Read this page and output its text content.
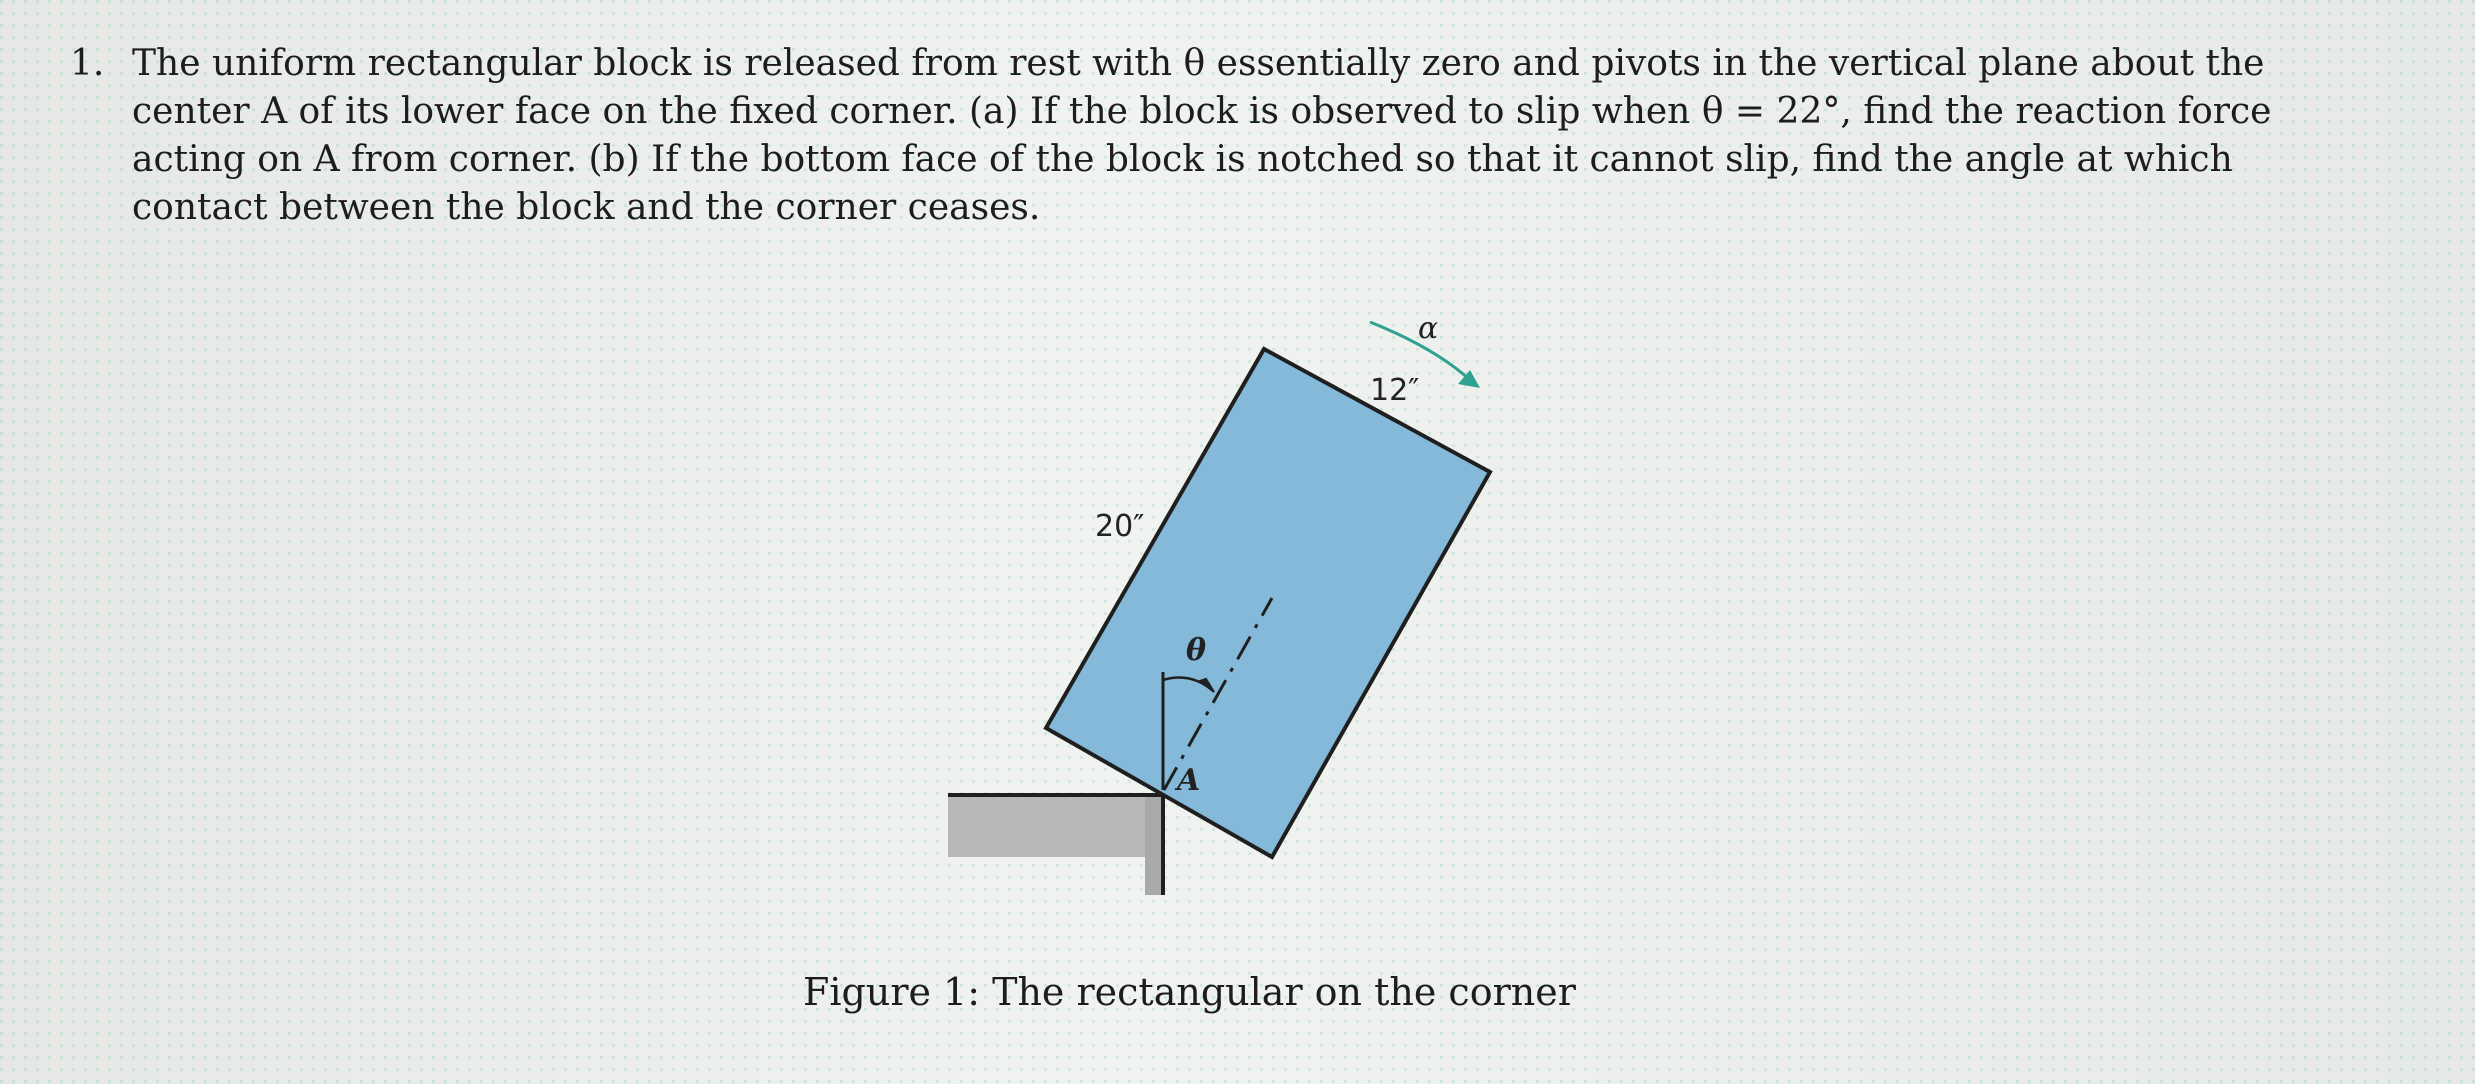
1. The uniform rectangular block is released from rest with θ essentially zero and pivots in the vertical plane about the
center A of its lower face on the fixed corner. (a) If the block is observed to slip when θ = 22°, find the reaction force
acting on A from corner. (b) If the bottom face of the block is notched so that it cannot slip, find the angle at which
contact between the block and the corner ceases.
α
12″
20″
θ
A
Figure 1: The rectangular on the corner
